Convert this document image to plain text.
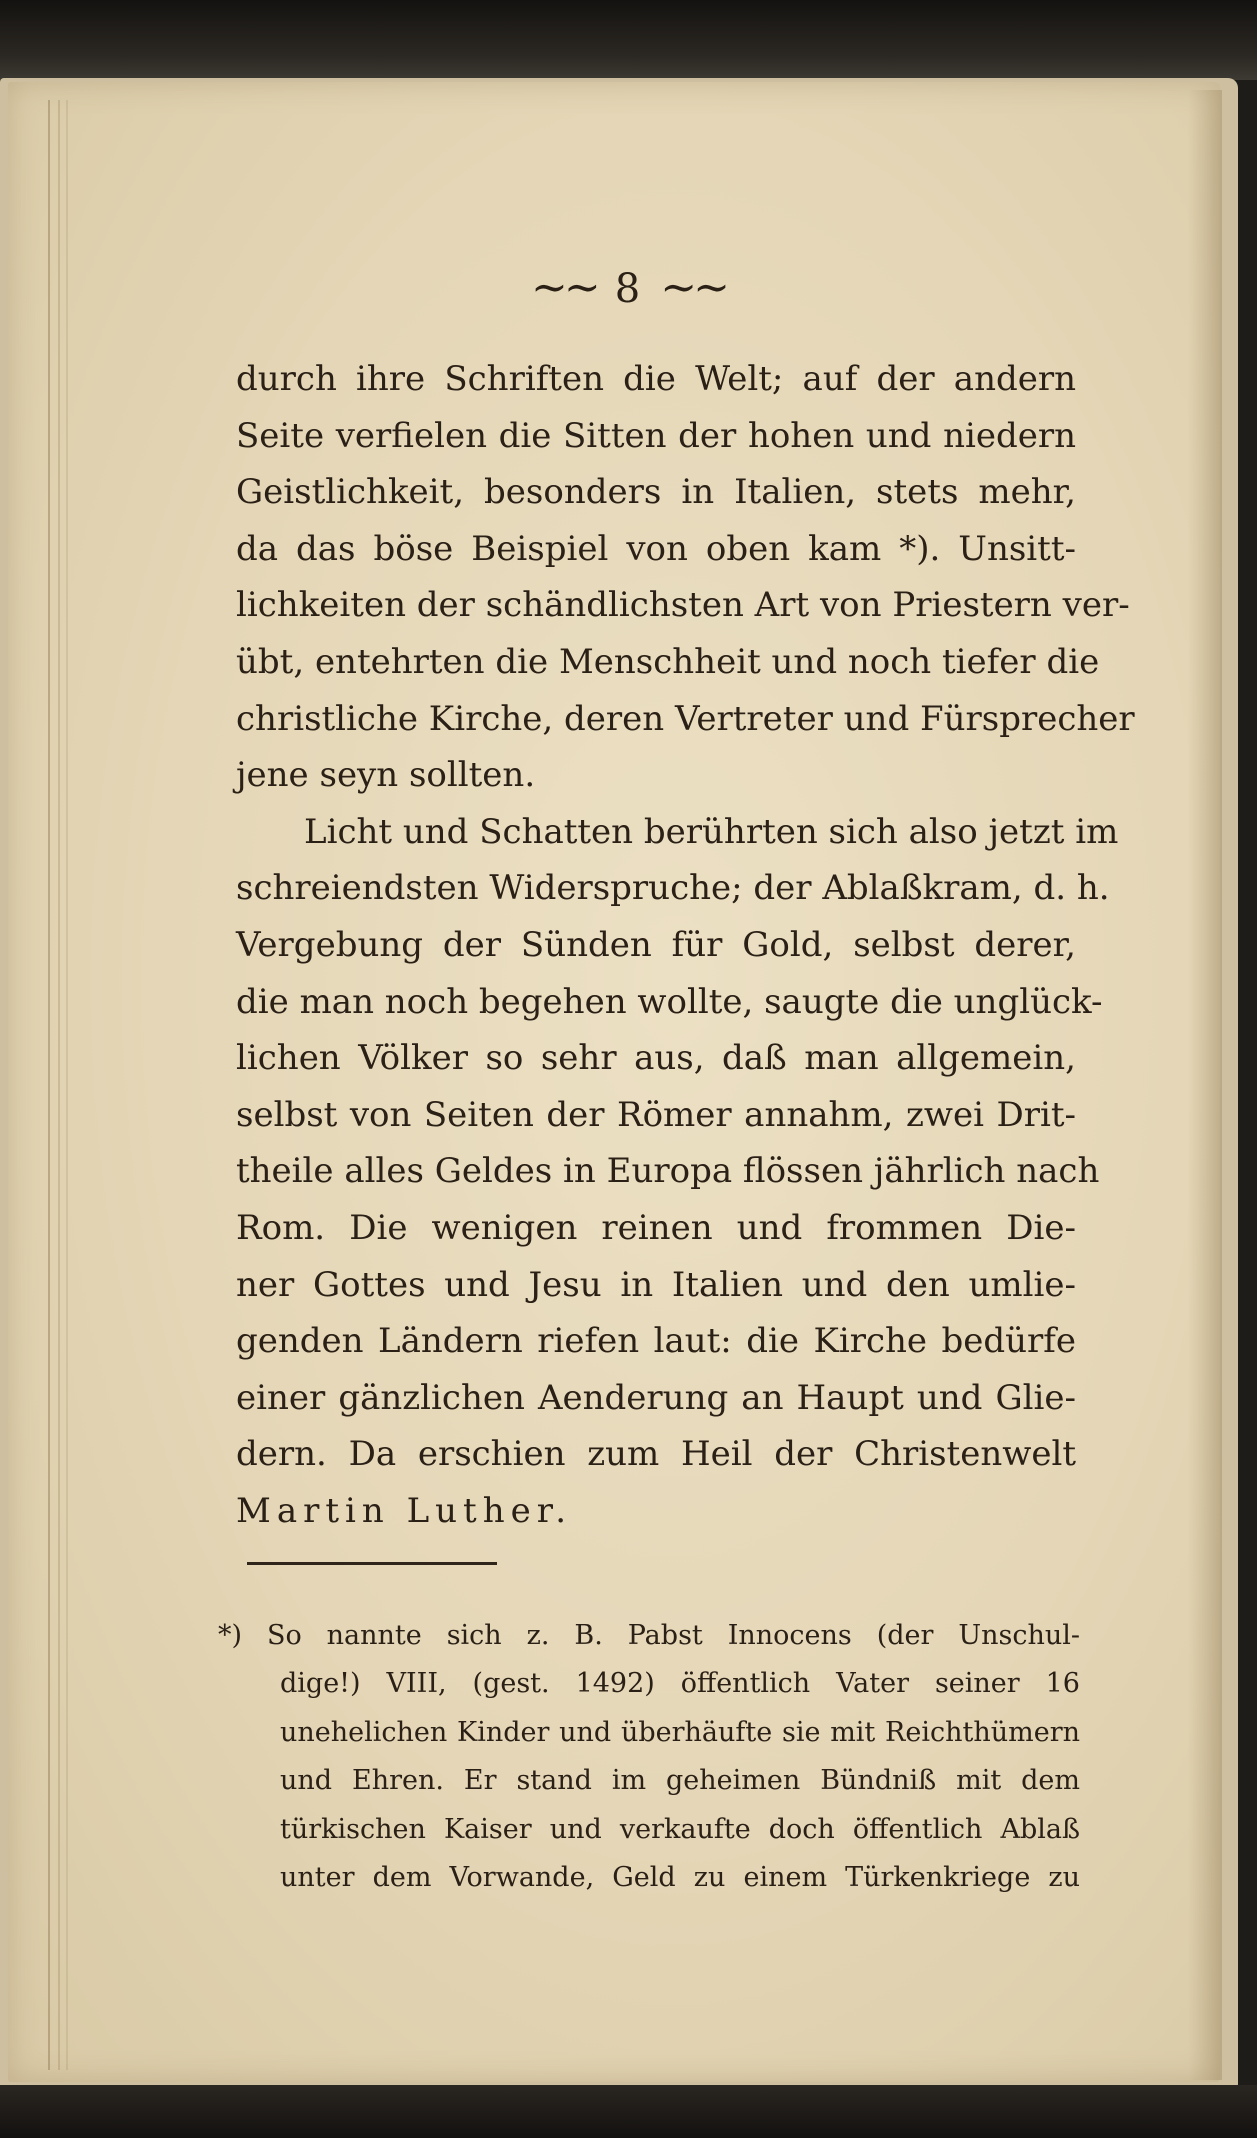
~~ 8 ~~
durch ihre Schriften die Welt; auf der andern
Seite verfielen die Sitten der hohen und niedern
Geistlichkeit, besonders in Italien, stets mehr,
da das böse Beispiel von oben kam *). Unsitt-
lichkeiten der schändlichsten Art von Priestern ver-
übt, entehrten die Menschheit und noch tiefer die
christliche Kirche, deren Vertreter und Fürsprecher
jene seyn sollten.
Licht und Schatten berührten sich also jetzt im
schreiendsten Widerspruche; der Ablaßkram, d. h.
Vergebung der Sünden für Gold, selbst derer,
die man noch begehen wollte, saugte die unglück-
lichen Völker so sehr aus, daß man allgemein,
selbst von Seiten der Römer annahm, zwei Drit-
theile alles Geldes in Europa flössen jährlich nach
Rom. Die wenigen reinen und frommen Die-
ner Gottes und Jesu in Italien und den umlie-
genden Ländern riefen laut: die Kirche bedürfe
einer gänzlichen Aenderung an Haupt und Glie-
dern. Da erschien zum Heil der Christenwelt
Martin Luther.
*) So nannte sich z. B. Pabst Innocens (der Unschul-
dige!) VIII, (gest. 1492) öffentlich Vater seiner 16
unehelichen Kinder und überhäufte sie mit Reichthümern
und Ehren. Er stand im geheimen Bündniß mit dem
türkischen Kaiser und verkaufte doch öffentlich Ablaß
unter dem Vorwande, Geld zu einem Türkenkriege zu
